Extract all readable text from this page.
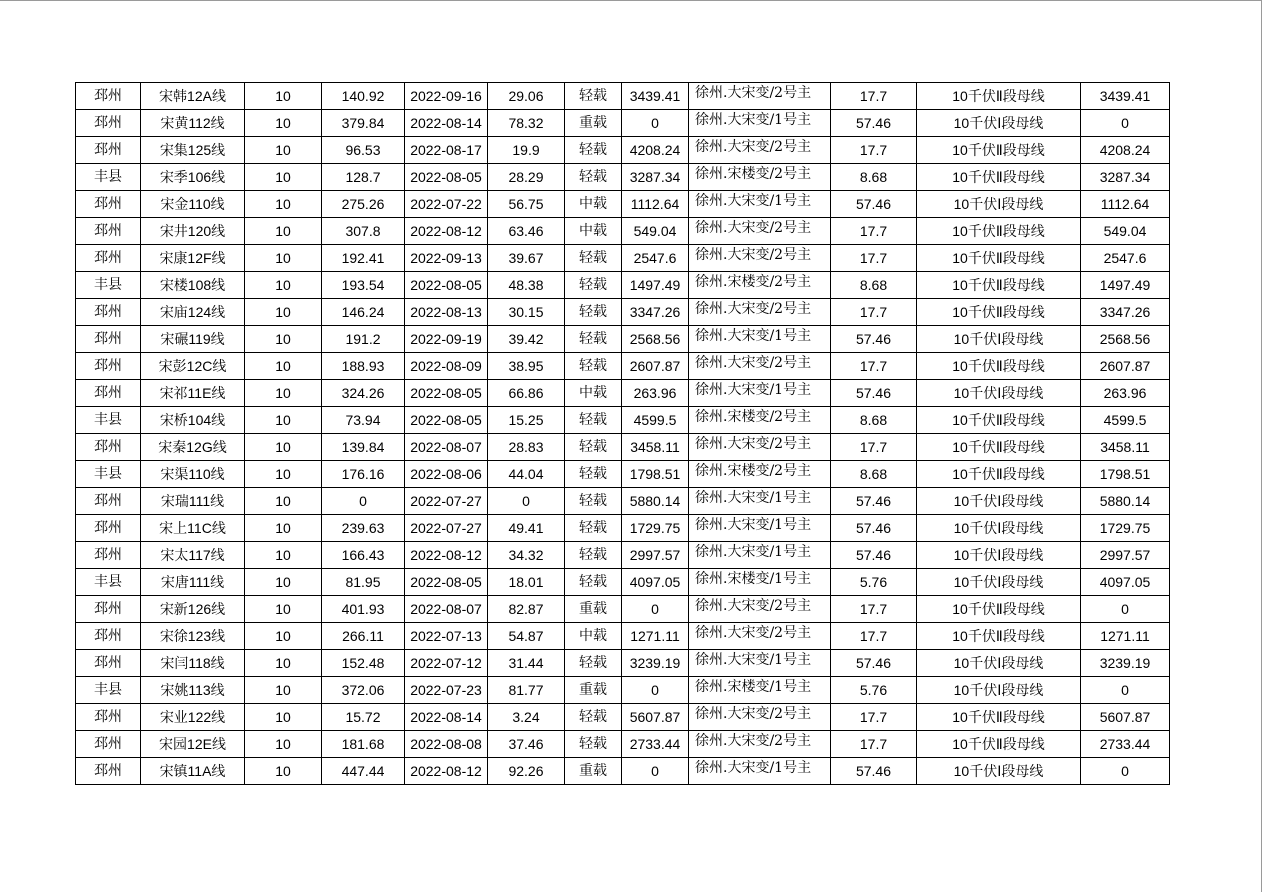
邳州	宋韩12A线	10	140.92	2022-09-16	29.06	轻载	3439.41	徐州.大宋变/2号主	17.7	10千伏Ⅱ段母线	3439.41
邳州	宋黄112线	10	379.84	2022-08-14	78.32	重载	0	徐州.大宋变/1号主	57.46	10千伏Ⅰ段母线	0
邳州	宋集125线	10	96.53	2022-08-17	19.9	轻载	4208.24	徐州.大宋变/2号主	17.7	10千伏Ⅱ段母线	4208.24
丰县	宋季106线	10	128.7	2022-08-05	28.29	轻载	3287.34	徐州.宋楼变/2号主	8.68	10千伏Ⅱ段母线	3287.34
邳州	宋金110线	10	275.26	2022-07-22	56.75	中载	1112.64	徐州.大宋变/1号主	57.46	10千伏Ⅰ段母线	1112.64
邳州	宋井120线	10	307.8	2022-08-12	63.46	中载	549.04	徐州.大宋变/2号主	17.7	10千伏Ⅱ段母线	549.04
邳州	宋康12F线	10	192.41	2022-09-13	39.67	轻载	2547.6	徐州.大宋变/2号主	17.7	10千伏Ⅱ段母线	2547.6
丰县	宋楼108线	10	193.54	2022-08-05	48.38	轻载	1497.49	徐州.宋楼变/2号主	8.68	10千伏Ⅱ段母线	1497.49
邳州	宋庙124线	10	146.24	2022-08-13	30.15	轻载	3347.26	徐州.大宋变/2号主	17.7	10千伏Ⅱ段母线	3347.26
邳州	宋碾119线	10	191.2	2022-09-19	39.42	轻载	2568.56	徐州.大宋变/1号主	57.46	10千伏Ⅰ段母线	2568.56
邳州	宋彭12C线	10	188.93	2022-08-09	38.95	轻载	2607.87	徐州.大宋变/2号主	17.7	10千伏Ⅱ段母线	2607.87
邳州	宋祁11E线	10	324.26	2022-08-05	66.86	中载	263.96	徐州.大宋变/1号主	57.46	10千伏Ⅰ段母线	263.96
丰县	宋桥104线	10	73.94	2022-08-05	15.25	轻载	4599.5	徐州.宋楼变/2号主	8.68	10千伏Ⅱ段母线	4599.5
邳州	宋秦12G线	10	139.84	2022-08-07	28.83	轻载	3458.11	徐州.大宋变/2号主	17.7	10千伏Ⅱ段母线	3458.11
丰县	宋渠110线	10	176.16	2022-08-06	44.04	轻载	1798.51	徐州.宋楼变/2号主	8.68	10千伏Ⅱ段母线	1798.51
邳州	宋瑞111线	10	0	2022-07-27	0	轻载	5880.14	徐州.大宋变/1号主	57.46	10千伏Ⅰ段母线	5880.14
邳州	宋上11C线	10	239.63	2022-07-27	49.41	轻载	1729.75	徐州.大宋变/1号主	57.46	10千伏Ⅰ段母线	1729.75
邳州	宋太117线	10	166.43	2022-08-12	34.32	轻载	2997.57	徐州.大宋变/1号主	57.46	10千伏Ⅰ段母线	2997.57
丰县	宋唐111线	10	81.95	2022-08-05	18.01	轻载	4097.05	徐州.宋楼变/1号主	5.76	10千伏Ⅰ段母线	4097.05
邳州	宋新126线	10	401.93	2022-08-07	82.87	重载	0	徐州.大宋变/2号主	17.7	10千伏Ⅱ段母线	0
邳州	宋徐123线	10	266.11	2022-07-13	54.87	中载	1271.11	徐州.大宋变/2号主	17.7	10千伏Ⅱ段母线	1271.11
邳州	宋闫118线	10	152.48	2022-07-12	31.44	轻载	3239.19	徐州.大宋变/1号主	57.46	10千伏Ⅰ段母线	3239.19
丰县	宋姚113线	10	372.06	2022-07-23	81.77	重载	0	徐州.宋楼变/1号主	5.76	10千伏Ⅰ段母线	0
邳州	宋业122线	10	15.72	2022-08-14	3.24	轻载	5607.87	徐州.大宋变/2号主	17.7	10千伏Ⅱ段母线	5607.87
邳州	宋园12E线	10	181.68	2022-08-08	37.46	轻载	2733.44	徐州.大宋变/2号主	17.7	10千伏Ⅱ段母线	2733.44
邳州	宋镇11A线	10	447.44	2022-08-12	92.26	重载	0	徐州.大宋变/1号主	57.46	10千伏Ⅰ段母线	0
